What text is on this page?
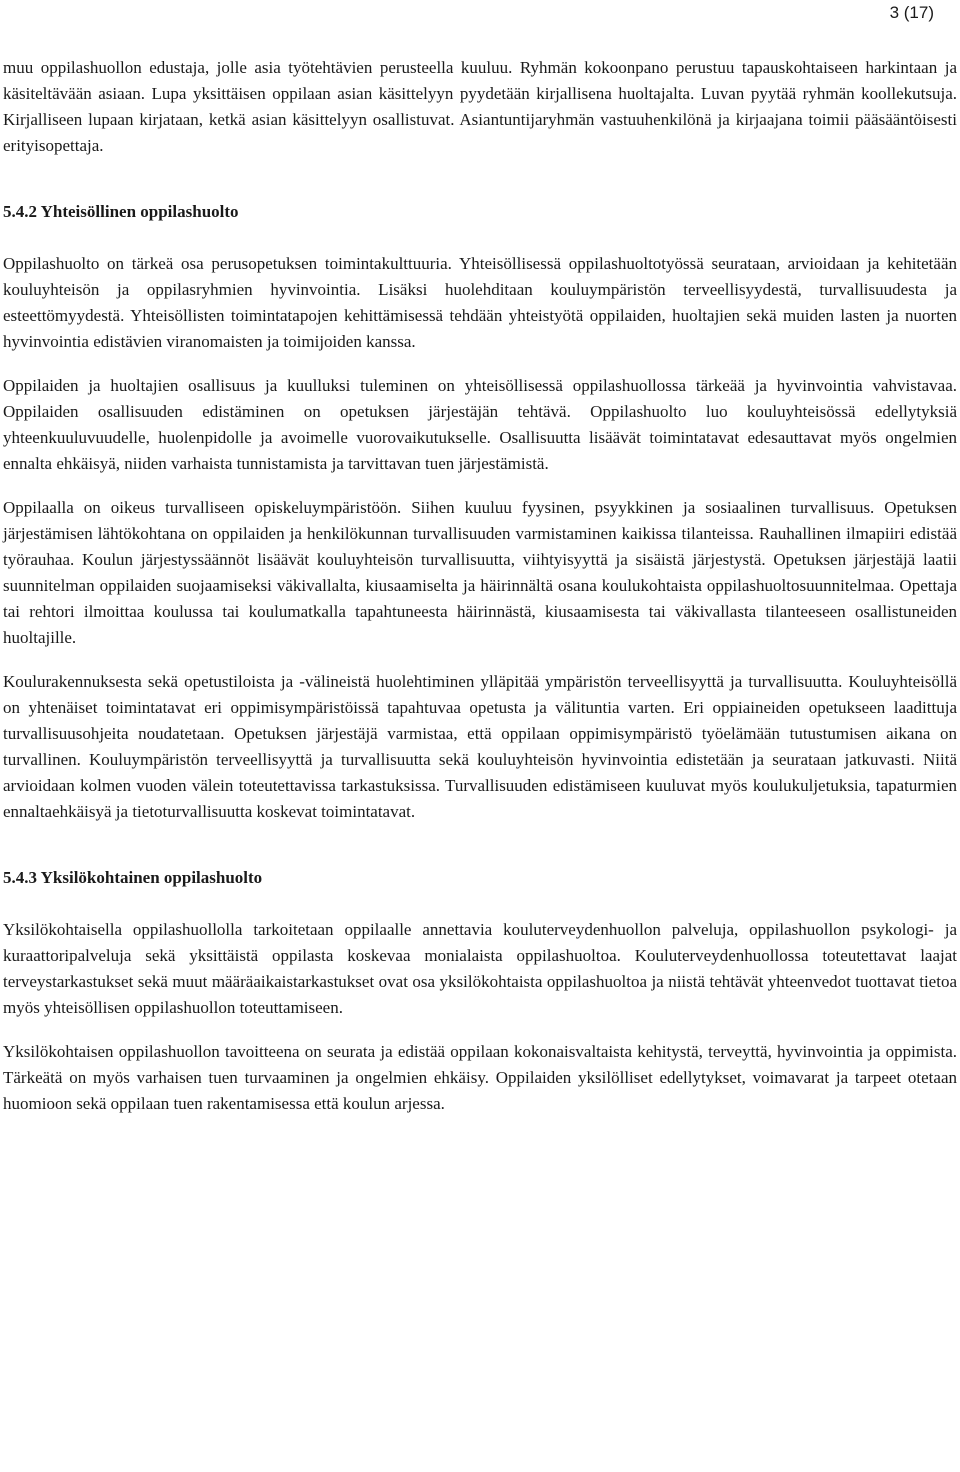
3 (17)

muu oppilashuollon edustaja, jolle asia työtehtävien perusteella kuuluu. Ryhmän kokoonpano perustuu tapauskohtaiseen harkintaan ja käsiteltävään asiaan. Lupa yksittäisen oppilaan asian käsittelyyn pyydetään kirjallisena huoltajalta. Luvan pyytää ryhmän koollekutsuja. Kirjalliseen lupaan kirjataan, ketkä asian käsittelyyn osallistuvat. Asiantuntijaryhmän vastuuhenkilönä ja kirjaajana toimii pääsääntöisesti erityisopettaja.

5.4.2 Yhteisöllinen oppilashuolto

Oppilashuolto on tärkeä osa perusopetuksen toimintakulttuuria. Yhteisöllisessä oppilashuoltotyössä seurataan, arvioidaan ja kehitetään kouluyhteisön ja oppilasryhmien hyvinvointia. Lisäksi huolehditaan kouluympäristön terveellisyydestä, turvallisuudesta ja esteettömyydestä. Yhteisöllisten toimintatapojen kehittämisessä tehdään yhteistyötä oppilaiden, huoltajien sekä muiden lasten ja nuorten hyvinvointia edistävien viranomaisten ja toimijoiden kanssa.

Oppilaiden ja huoltajien osallisuus ja kuulluksi tuleminen on yhteisöllisessä oppilashuollossa tärkeää ja hyvinvointia vahvistavaa. Oppilaiden osallisuuden edistäminen on opetuksen järjestäjän tehtävä. Oppilashuolto luo kouluyhteisössä edellytyksiä yhteenkuuluvuudelle, huolenpidolle ja avoimelle vuorovaikutukselle. Osallisuutta lisäävät toimintatavat edesauttavat myös ongelmien ennalta ehkäisyä, niiden varhaista tunnistamista ja tarvittavan tuen järjestämistä.

Oppilaalla on oikeus turvalliseen opiskeluympäristöön. Siihen kuuluu fyysinen, psyykkinen ja sosiaalinen turvallisuus. Opetuksen järjestämisen lähtökohtana on oppilaiden ja henkilökunnan turvallisuuden varmistaminen kaikissa tilanteissa. Rauhallinen ilmapiiri edistää työrauhaa. Koulun järjestyssäännöt lisäävät kouluyhteisön turvallisuutta, viihtyisyyttä ja sisäistä järjestystä. Opetuksen järjestäjä laatii suunnitelman oppilaiden suojaamiseksi väkivallalta, kiusaamiselta ja häirinnältä osana koulukohtaista oppilashuoltosuunnitelmaa. Opettaja tai rehtori ilmoittaa koulussa tai koulumatkalla tapahtuneesta häirinnästä, kiusaamisesta tai väkivallasta tilanteeseen osallistuneiden huoltajille.

Koulurakennuksesta sekä opetustiloista ja -välineistä huolehtiminen ylläpitää ympäristön terveellisyyttä ja turvallisuutta. Kouluyhteisöllä on yhtenäiset toimintatavat eri oppimisympäristöissä tapahtuvaa opetusta ja välituntia varten. Eri oppiaineiden opetukseen laadittuja turvallisuusohjeita noudatetaan. Opetuksen järjestäjä varmistaa, että oppilaan oppimisympäristö työelämään tutustumisen aikana on turvallinen. Kouluympäristön terveellisyyttä ja turvallisuutta sekä kouluyhteisön hyvinvointia edistetään ja seurataan jatkuvasti. Niitä arvioidaan kolmen vuoden välein toteutettavissa tarkastuksissa. Turvallisuuden edistämiseen kuuluvat myös koulukuljetuksia, tapaturmien ennaltaehkäisyä ja tietoturvallisuutta koskevat toimintatavat.

5.4.3 Yksilökohtainen oppilashuolto

Yksilökohtaisella oppilashuollolla tarkoitetaan oppilaalle annettavia kouluterveydenhuollon palveluja, oppilashuollon psykologi- ja kuraattoripalveluja sekä yksittäistä oppilasta koskevaa monialaista oppilashuoltoa. Kouluterveydenhuollossa toteutettavat laajat terveystarkastukset sekä muut määräaikaistarkastukset ovat osa yksilökohtaista oppilashuoltoa ja niistä tehtävät yhteenvedot tuottavat tietoa myös yhteisöllisen oppilashuollon toteuttamiseen.

Yksilökohtaisen oppilashuollon tavoitteena on seurata ja edistää oppilaan kokonaisvaltaista kehitystä, terveyttä, hyvinvointia ja oppimista. Tärkeätä on myös varhaisen tuen turvaaminen ja ongelmien ehkäisy. Oppilaiden yksilölliset edellytykset, voimavarat ja tarpeet otetaan huomioon sekä oppilaan tuen rakentamisessa että koulun arjessa.
